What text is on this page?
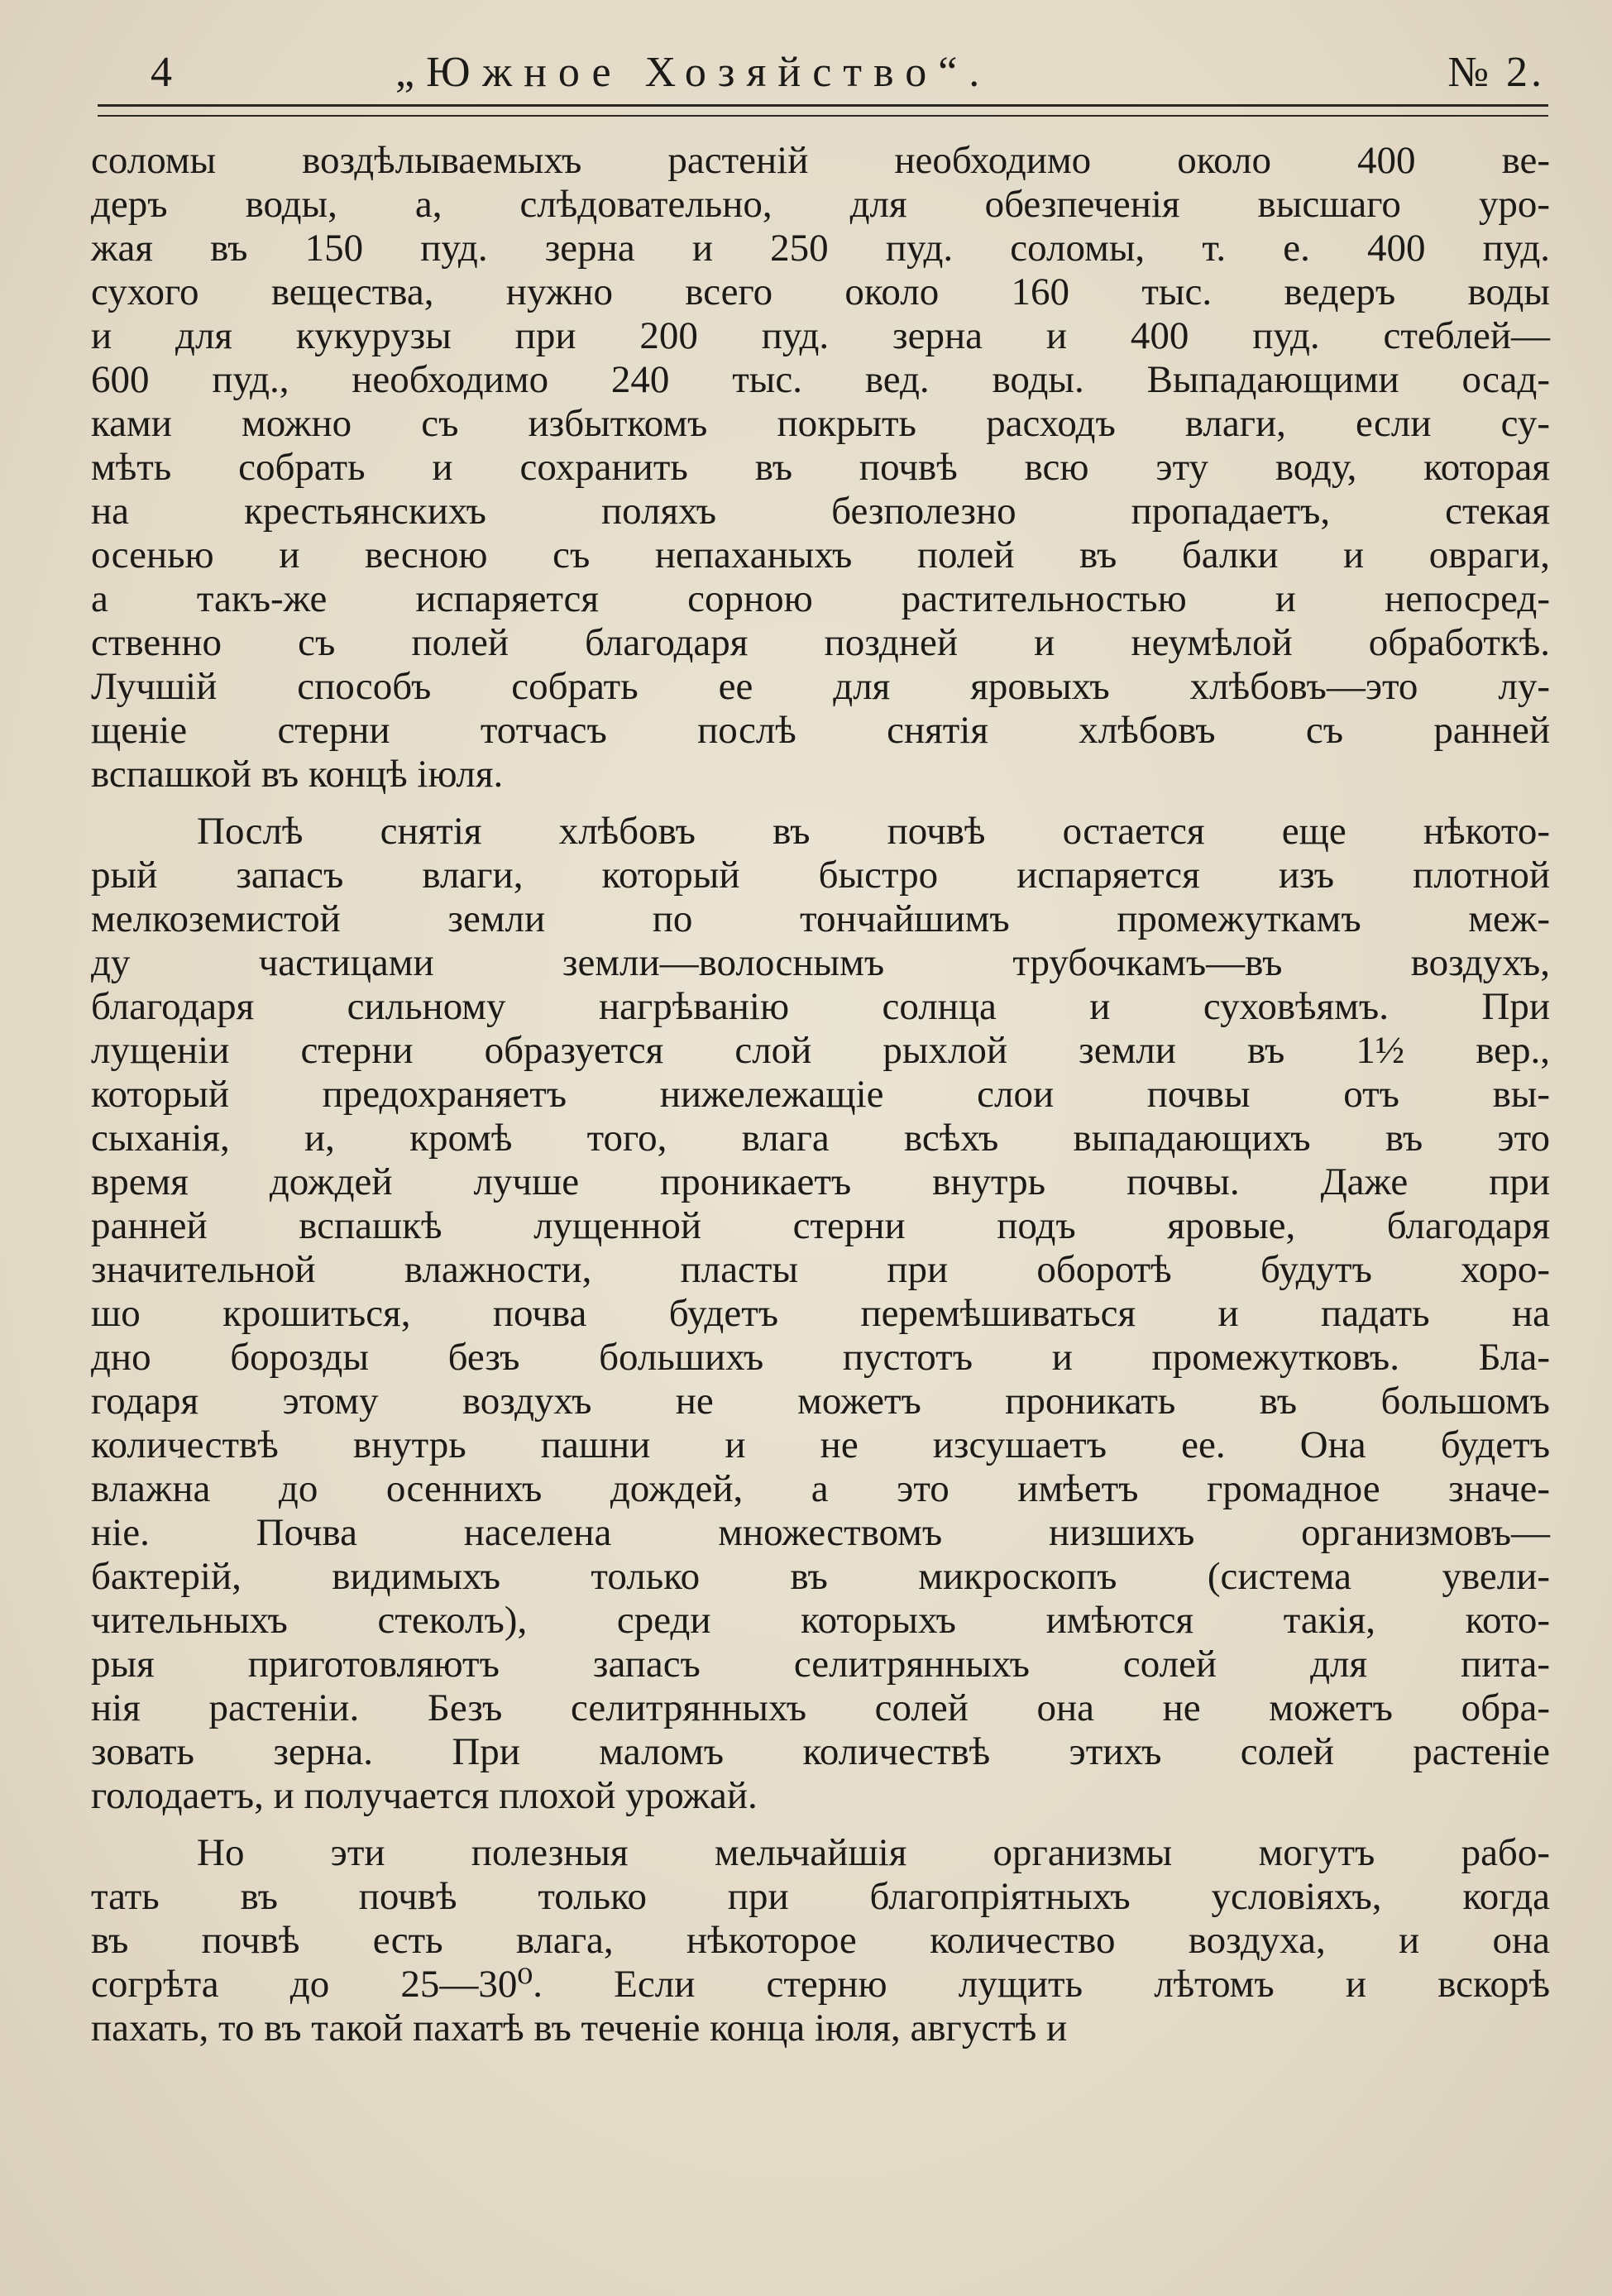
4	„Южное Хозяйство“.	№ 2.
соломы воздѣлываемыхъ растенiй необходимо около 400 ве-
деръ воды, а, слѣдовательно, для обезпеченiя высшаго уро-
жая въ 150 пуд. зерна и 250 пуд. соломы, т. е. 400 пуд.
сухого вещества, нужно всего около 160 тыс. ведеръ воды
и для кукурузы при 200 пуд. зерна и 400 пуд. стеблей—
600 пуд., необходимо 240 тыс. вед. воды. Выпадающими осад-
ками можно съ избыткомъ покрыть расходъ влаги, если су-
мѣть собрать и сохранить въ почвѣ всю эту воду, которая
на крестьянскихъ поляхъ безполезно пропадаетъ, стекая
осенью и весною съ непаханыхъ полей въ балки и овраги,
а такъ-же испаряется сорною растительностью и непосред-
ственно съ полей благодаря поздней и неумѣлой обработкѣ.
Лучшiй способъ собрать ее для яровыхъ хлѣбовъ—это лу-
щенiе стерни тотчасъ послѣ снятiя хлѣбовъ съ ранней
вспашкой въ концѣ iюля.
Послѣ снятiя хлѣбовъ въ почвѣ остается еще нѣкото-
рый запасъ влаги, который быстро испаряется изъ плотной
мелкоземистой земли по тончайшимъ промежуткамъ меж-
ду частицами земли—волоснымъ трубочкамъ—въ воздухъ,
благодаря сильному нагрѣванiю солнца и суховѣямъ. При
лущенiи стерни образуется слой рыхлой земли въ 1½ вер.,
который предохраняетъ нижележащiе слои почвы отъ вы-
сыханiя, и, кромѣ того, влага всѣхъ выпадающихъ въ это
время дождей лучше проникаетъ внутрь почвы. Даже при
ранней вспашкѣ лущенной стерни подъ яровые, благодаря
значительной влажности, пласты при оборотѣ будутъ хоро-
шо крошиться, почва будетъ перемѣшиваться и падать на
дно борозды безъ большихъ пустотъ и промежутковъ. Бла-
годаря этому воздухъ не можетъ проникать въ большомъ
количествѣ внутрь пашни и не изсушаетъ ее. Она будетъ
влажна до осеннихъ дождей, а это имѣетъ громадное значе-
нiе. Почва населена множествомъ низшихъ организмовъ—
бактерiй, видимыхъ только въ микроскопъ (система увели-
чительныхъ стеколъ), среди которыхъ имѣются такiя, кото-
рыя приготовляютъ запасъ селитрянныхъ солей для пита-
нiя растенiи. Безъ селитрянныхъ солей она не можетъ обра-
зовать зерна. При маломъ количествѣ этихъ солей растенiе
голодаетъ, и получается плохой урожай.
Но эти полезныя мельчайшiя организмы могутъ рабо-
тать въ почвѣ только при благопрiятныхъ условiяхъ, когда
въ почвѣ есть влага, нѣкоторое количество воздуха, и она
согрѣта до 25—30⁰. Если стерню лущить лѣтомъ и вскорѣ
пахать, то въ такой пахатѣ въ теченiе конца iюля, августѣ и
